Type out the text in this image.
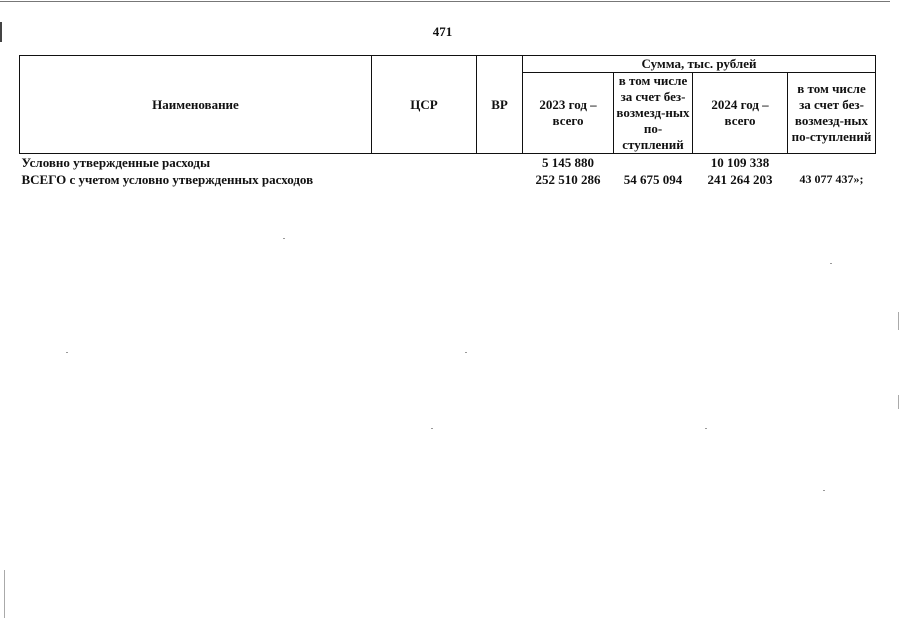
471
Наименование	ЦСР	ВР	Сумма, тыс. рублей			
			2023 год – всего	в том числе за счет без-возмезд-ных по-ступлений	2024 год – всего	в том числе за счет без-возмезд-ных по-ступлений
Условно утвержденные расходы			5 145 880		10 109 338	
ВСЕГО с учетом условно утвержденных расходов			252 510 286	54 675 094	241 264 203	43 077 437»;
